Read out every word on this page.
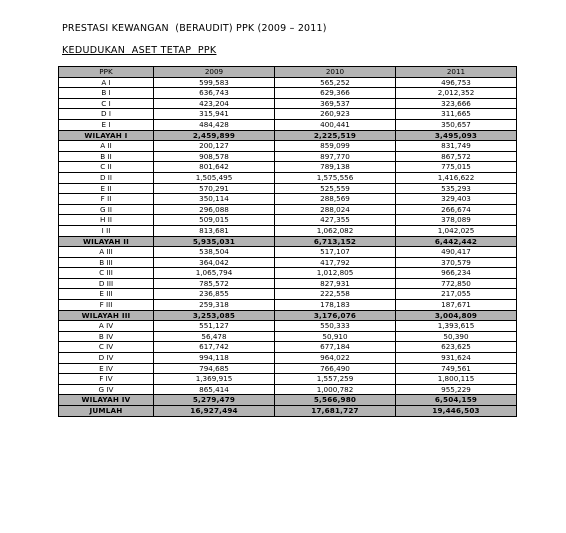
PRESTASI KEWANGAN  (BERAUDIT) PPK (2009 – 2011)
KEDUDUKAN  ASET TETAP  PPK
PPK	2009	2010	2011
A I	599,583	565,252	496,753
B I	636,743	629,366	2,012,352
C I	423,204	369,537	323,666
D I	315,941	260,923	311,665
E I	484,428	400,441	350,657
WILAYAH I	2,459,899	2,225,519	3,495,093
A II	200,127	859,099	831,749
B II	908,578	897,770	867,572
C II	801,642	789,138	775,015
D II	1,505,495	1,575,556	1,416,622
E II	570,291	525,559	535,293
F II	350,114	288,569	329,403
G II	296,088	288,024	266,674
H II	509,015	427,355	378,089
I II	813,681	1,062,082	1,042,025
WILAYAH II	5,935,031	6,713,152	6,442,442
A III	538,504	517,107	490,417
B III	364,042	417,792	370,579
C III	1,065,794	1,012,805	966,234
D III	785,572	827,931	772,850
E III	236,855	222,558	217,055
F III	259,318	178,183	187,671
WILAYAH III	3,253,085	3,176,076	3,004,809
A IV	551,127	550,333	1,393,615
B IV	56,478	50,910	50,390
C IV	617,742	677,184	623,625
D IV	994,118	964,022	931,624
E IV	794,685	766,490	749,561
F IV	1,369,915	1,557,259	1,800,115
G IV	865,414	1,000,782	955,229
WILAYAH IV	5,279,479	5,566,980	6,504,159
JUMLAH	16,927,494	17,681,727	19,446,503
